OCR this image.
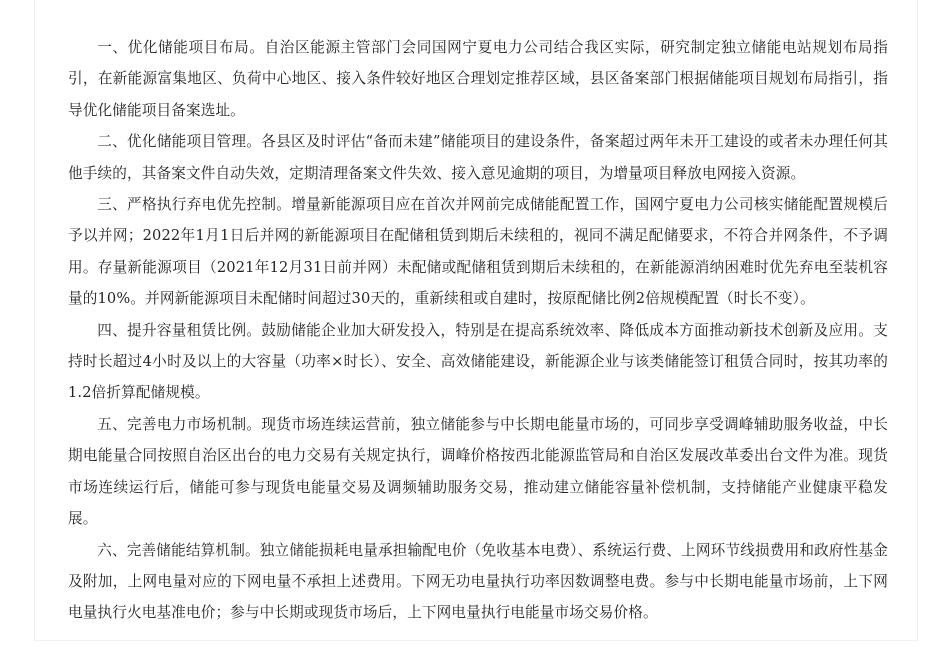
一、优化储能项目布局。自治区能源主管部门会同国网宁夏电力公司结合我区实际，研究制定独立储能电站规划布局指引，在新能源富集地区、负荷中心地区、接入条件较好地区合理划定推荐区域，县区备案部门根据储能项目规划布局指引，指导优化储能项目备案选址。

二、优化储能项目管理。各县区及时评估“备而未建”储能项目的建设条件，备案超过两年未开工建设的或者未办理任何其他手续的，其备案文件自动失效，定期清理备案文件失效、接入意见逾期的项目，为增量项目释放电网接入资源。

三、严格执行弃电优先控制。增量新能源项目应在首次并网前完成储能配置工作，国网宁夏电力公司核实储能配置规模后予以并网；2022年1月1日后并网的新能源项目在配储租赁到期后未续租的，视同不满足配储要求，不符合并网条件，不予调用。存量新能源项目（2021年12月31日前并网）未配储或配储租赁到期后未续租的，在新能源消纳困难时优先弃电至装机容量的10%。并网新能源项目未配储时间超过30天的，重新续租或自建时，按原配储比例2倍规模配置（时长不变）。

四、提升容量租赁比例。鼓励储能企业加大研发投入，特别是在提高系统效率、降低成本方面推动新技术创新及应用。支持时长超过4小时及以上的大容量（功率×时长）、安全、高效储能建设，新能源企业与该类储能签订租赁合同时，按其功率的1.2倍折算配储规模。

五、完善电力市场机制。现货市场连续运营前，独立储能参与中长期电能量市场的，可同步享受调峰辅助服务收益，中长期电能量合同按照自治区出台的电力交易有关规定执行，调峰价格按西北能源监管局和自治区发展改革委出台文件为准。现货市场连续运行后，储能可参与现货电能量交易及调频辅助服务交易，推动建立储能容量补偿机制，支持储能产业健康平稳发展。

六、完善储能结算机制。独立储能损耗电量承担输配电价（免收基本电费）、系统运行费、上网环节线损费用和政府性基金及附加，上网电量对应的下网电量不承担上述费用。下网无功电量执行功率因数调整电费。参与中长期电能量市场前，上下网电量执行火电基准电价；参与中长期或现货市场后，上下网电量执行电能量市场交易价格。
